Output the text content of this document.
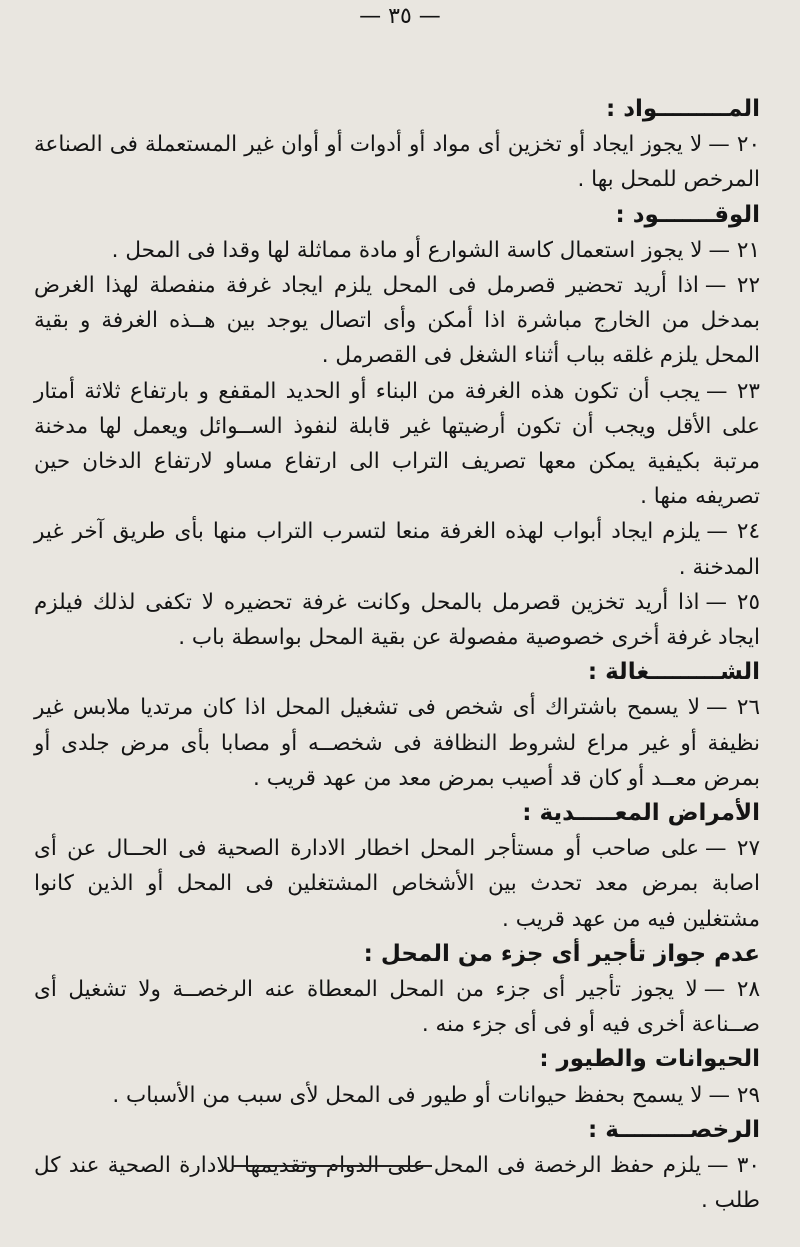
— ٣٥ —
المـــــــــواد :

٢٠ —لا يجوز ايجاد أو تخزين أى مواد أو أدوات أو أوان غير المستعملة فى الصناعة المرخص للمحل بها .

الوقـــــــود :

٢١ —لا يجوز استعمال كاسة الشوارع أو مادة مماثلة لها وقدا فى المحل .

٢٢ —اذا أريد تحضير قصرمل فى المحل يلزم ايجاد غرفة منفصلة لهذا الغرض بمدخل من الخارج مباشرة اذا أمكن وأى اتصال يوجد بين هــذه الغرفة و بقية المحل يلزم غلقه بباب أثناء الشغل فى القصرمل .

٢٣ —يجب أن تكون هذه الغرفة من البناء أو الحديد المقفع و بارتفاع ثلاثة أمتار على الأقل ويجب أن تكون أرضيتها غير قابلة لنفوذ الســوائل ويعمل لها مدخنة مرتبة بكيفية يمكن معها تصريف التراب الى ارتفاع مساو لارتفاع الدخان حين تصريفه منها .

٢٤ —يلزم ايجاد أبواب لهذه الغرفة منعا لتسرب التراب منها بأى طريق آخر غير المدخنة .

٢٥ —اذا أريد تخزين قصرمل بالمحل وكانت غرفة تحضيره لا تكفى لذلك فيلزم ايجاد غرفة أخرى خصوصية مفصولة عن بقية المحل بواسطة باب .

الشـــــــــغالة :

٢٦ —لا يسمح باشتراك أى شخص فى تشغيل المحل اذا كان مرتديا ملابس غير نظيفة أو غير مراع لشروط النظافة فى شخصــه أو مصابا بأى مرض جلدى أو بمرض معــد أو كان قد أصيب بمرض معد من عهد قريب .

الأمراض المعـــــدية :

٢٧ —على صاحب أو مستأجر المحل اخطار الادارة الصحية فى الحــال عن أى اصابة بمرض معد تحدث بين الأشخاص المشتغلين فى المحل أو الذين كانوا مشتغلين فيه من عهد قريب .

عدم جواز تأجير أى جزء من المحل :

٢٨ —لا يجوز تأجير أى جزء من المحل المعطاة عنه الرخصــة ولا تشغيل أى صــناعة أخرى فيه أو فى أى جزء منه .

الحيوانات والطيور :

٢٩ —لا يسمح بحفظ حيوانات أو طيور فى المحل لأى سبب من الأسباب .

الرخصـــــــــة :

٣٠ —يلزم حفظ الرخصة فى المحل على الدوام وتقديمها للادارة الصحية عند كل طلب .
